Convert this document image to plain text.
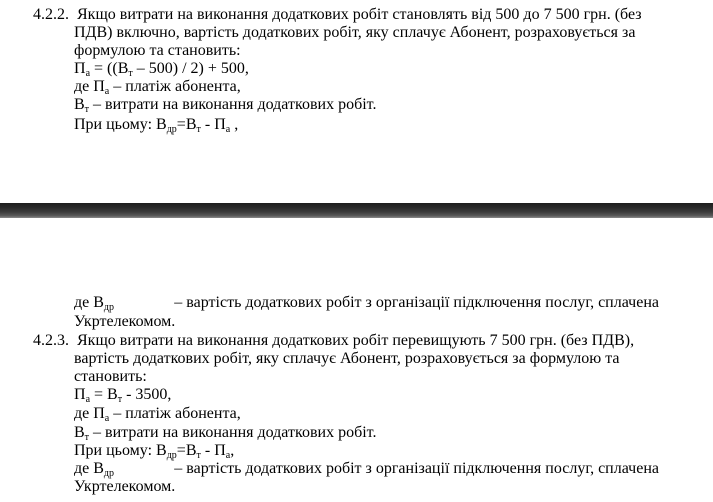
4.2.2. Якщо витрати на виконання додаткових робіт становлять від 500 до 7 500 грн. (без
ПДВ) включно, вартість додаткових робіт, яку сплачує Абонент, розраховується за
формулою та становить:
$П_а = ((В_т - 500) / 2) + 500$,
де $П_а$ – платіж абонента,
$В_т$ – витрати на виконання додаткових робіт.
При цьому: $В_{др}=В_т - П_а$ ,
де $В_{др}$	– вартість додаткових робіт з організації підключення послуг, сплачена
Укртелекомом.
4.2.3. Якщо витрати на виконання додаткових робіт перевищують 7 500 грн. (без ПДВ),
вартість додаткових робіт, яку сплачує Абонент, розраховується за формулою та
становить:
$П_а = В_т - 3500$,
де $П_а$ – платіж абонента,
$В_т$ – витрати на виконання додаткових робіт.
При цьому: $В_{др}=В_т - П_а$,
де $В_{др}$	– вартість додаткових робіт з організації підключення послуг, сплачена
Укртелекомом.
